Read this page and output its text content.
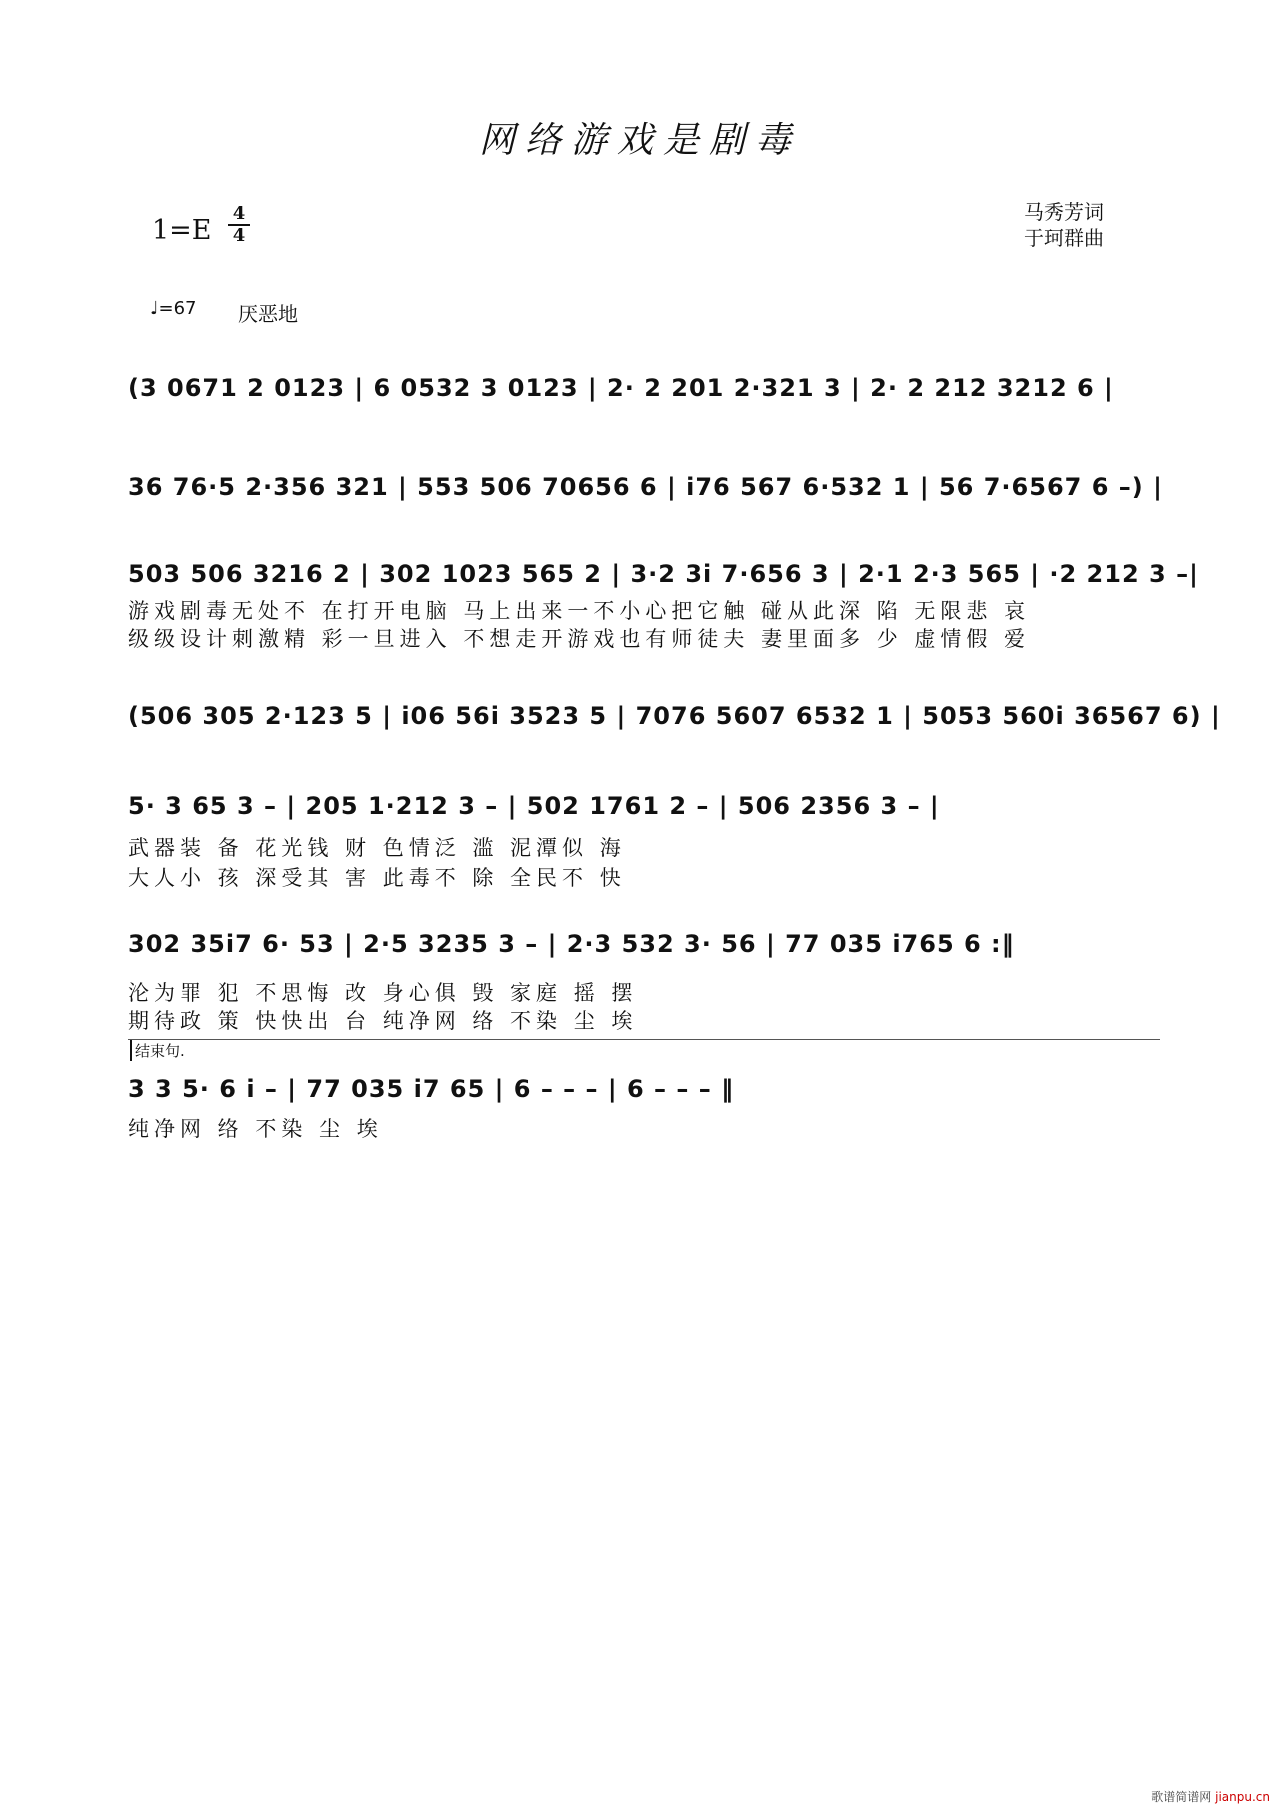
网络游戏是剧毒
1=E
4
4
马秀芳词
于珂群曲
♩=67 厌恶地
(3 0671 2 0123 | 6 0532 3 0123 | 2· 2 201 2·321 3 | 2· 2 212 3212 6 |
36 76·5 2·356 321 | 553 506 70656 6 | i76 567 6·532 1 | 56 7·6567 6 –) |
503 506 3216 2 | 302 1023 565 2 | 3·2 3i 7·656 3 | 2·1 2·3 565 | ·2 212 3 –|
游戏剧毒无处不 在打开电脑 马上出来一不小心把它触 碰从此深 陷 无限悲 哀
级级设计刺激精 彩一旦进入 不想走开游戏也有师徒夫 妻里面多 少 虚情假 爱
(506 305 2·123 5 | i06 56i 3523 5 | 7076 5607 6532 1 | 5053 560i 36567 6) |
5· 3 65 3 – | 205 1·212 3 – | 502 1761 2 – | 506 2356 3 – |
武器装 备 花光钱 财 色情泛 滥 泥潭似 海
大人小 孩 深受其 害 此毒不 除 全民不 快
302 35i7 6· 53 | 2·5 3235 3 – | 2·3 532 3· 56 | 77 035 i765 6 :‖
沦为罪 犯 不思悔 改 身心俱 毁 家庭 摇 摆
期待政 策 快快出 台 纯净网 络 不染 尘 埃
结束句.
3 3 5· 6 i – | 77 035 i7 65 | 6 – – – | 6 – – – ‖
纯净网 络 不染 尘 埃
歌谱简谱网 jianpu.cn
